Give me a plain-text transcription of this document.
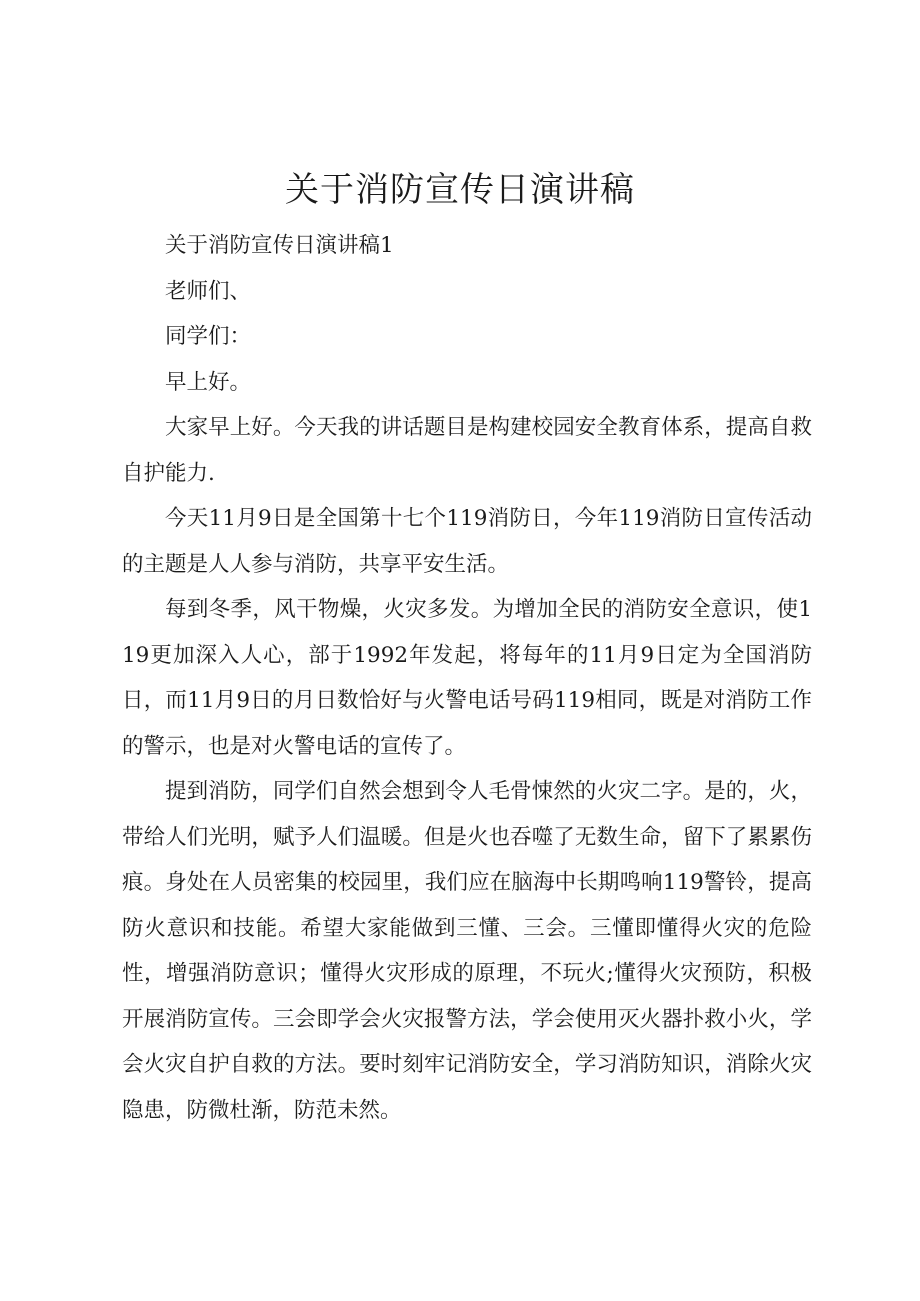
关于消防宣传日演讲稿

关于消防宣传日演讲稿1

老师们、

同学们：

早上好。

大家早上好。今天我的讲话题目是构建校园安全教育体系，提高自救自护能力.

今天11月9日是全国第十七个119消防日，今年119消防日宣传活动的主题是人人参与消防，共享平安生活。

每到冬季，风干物燥，火灾多发。为增加全民的消防安全意识，使119更加深入人心，部于1992年发起，将每年的11月9日定为全国消防日，而11月9日的月日数恰好与火警电话号码119相同，既是对消防工作的警示，也是对火警电话的宣传了。

提到消防，同学们自然会想到令人毛骨悚然的火灾二字。是的，火，带给人们光明，赋予人们温暖。但是火也吞噬了无数生命，留下了累累伤痕。身处在人员密集的校园里，我们应在脑海中长期鸣响119警铃，提高防火意识和技能。希望大家能做到三懂、三会。三懂即懂得火灾的危险性，增强消防意识；懂得火灾形成的原理，不玩火;懂得火灾预防，积极开展消防宣传。三会即学会火灾报警方法，学会使用灭火器扑救小火，学会火灾自护自救的方法。要时刻牢记消防安全，学习消防知识，消除火灾隐患，防微杜渐，防范未然。
